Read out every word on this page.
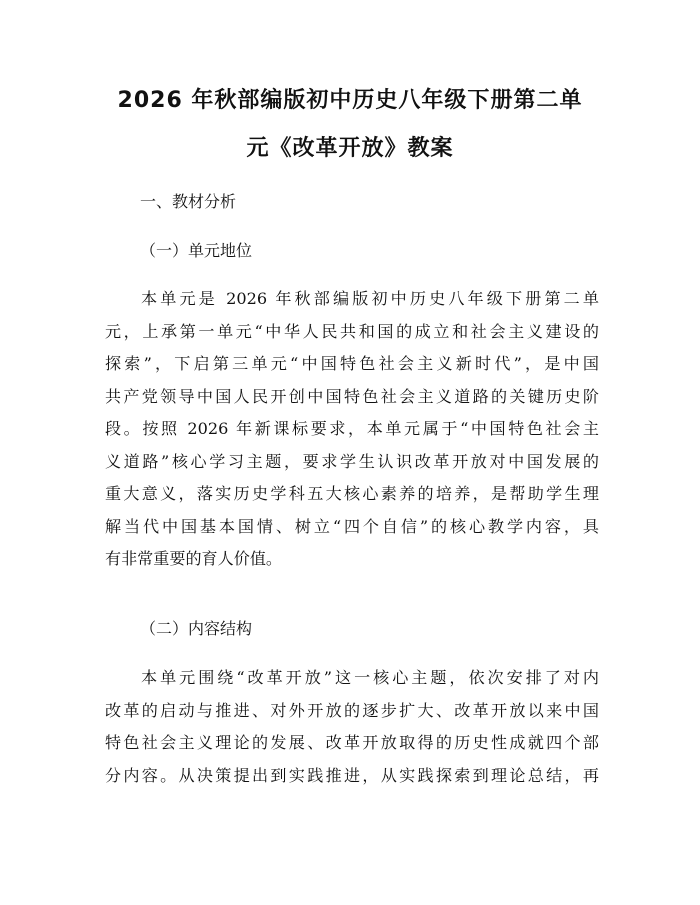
2026 年秋部编版初中历史八年级下册第二单
元《改革开放》教案

一、教材分析

（一）单元地位

本单元是 2026 年秋部编版初中历史八年级下册第二单
元，上承第一单元“中华人民共和国的成立和社会主义建设的
探索”，下启第三单元“中国特色社会主义新时代”，是中国
共产党领导中国人民开创中国特色社会主义道路的关键历史阶
段。按照 2026 年新课标要求，本单元属于“中国特色社会主
义道路”核心学习主题，要求学生认识改革开放对中国发展的
重大意义，落实历史学科五大核心素养的培养，是帮助学生理
解当代中国基本国情、树立“四个自信”的核心教学内容，具
有非常重要的育人价值。

（二）内容结构

本单元围绕“改革开放”这一核心主题，依次安排了对内
改革的启动与推进、对外开放的逐步扩大、改革开放以来中国
特色社会主义理论的发展、改革开放取得的历史性成就四个部
分内容。从决策提出到实践推进，从实践探索到理论总结，再
